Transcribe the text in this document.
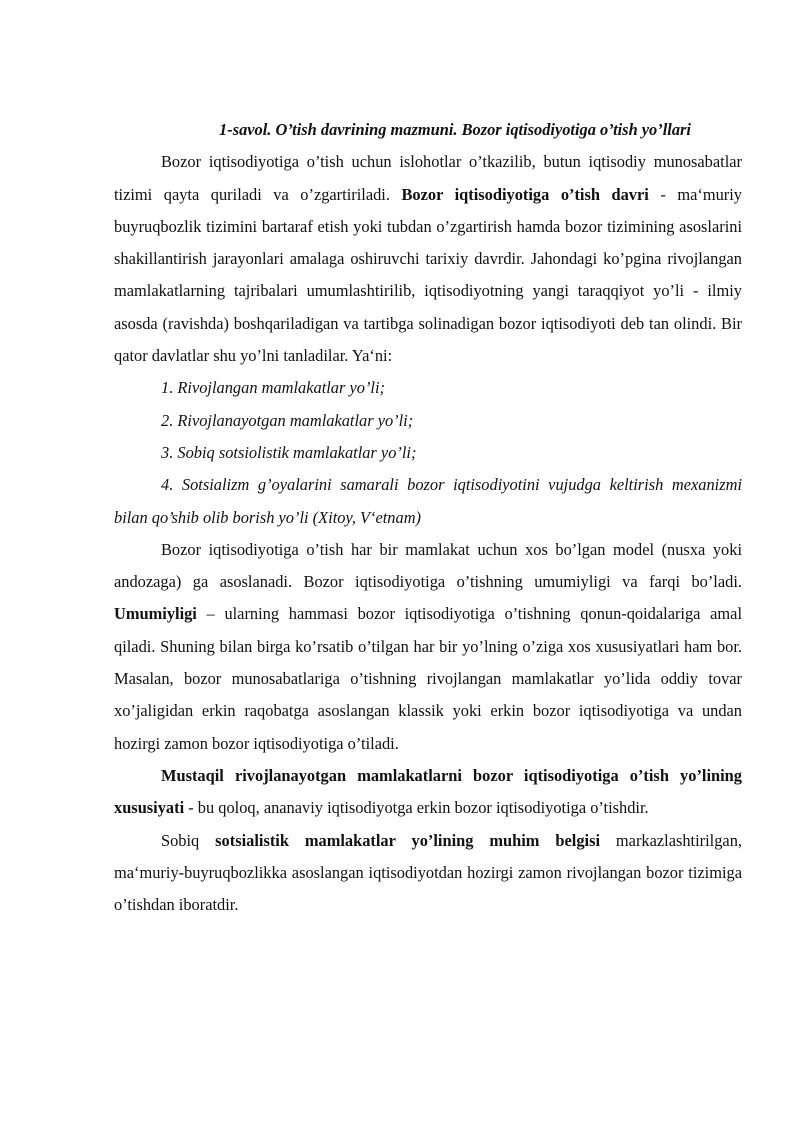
1-savol. O’tish davrining mazmuni. Bozor iqtisodiyotiga o’tish yo’llari

Bozor iqtisodiyotiga o’tish uchun islohotlar o’tkazilib, butun iqtisodiy munosabatlar tizimi qayta quriladi va o’zgartiriladi. Bozor iqtisodiyotiga o’tish davri - ma‘muriy buyruqbozlik tizimini bartaraf etish yoki tubdan o’zgartirish hamda bozor tizimining asoslarini shakillantirish jarayonlari amalaga oshiruvchi tarixiy davrdir. Jahondagi ko’pgina rivojlangan mamlakatlarning tajribalari umumlashtirilib, iqtisodiyotning yangi taraqqiyot yo’li - ilmiy asosda (ravishda) boshqariladigan va tartibga solinadigan bozor iqtisodiyoti deb tan olindi. Bir qator davlatlar shu yo’lni tanladilar. Ya‘ni:

1. Rivojlangan mamlakatlar yo’li;

2. Rivojlanayotgan mamlakatlar yo’li;

3. Sobiq sotsiolistik mamlakatlar yo’li;

4. Sotsializm g’oyalarini samarali bozor iqtisodiyotini vujudga keltirish mexanizmi bilan qo’shib olib borish yo’li (Xitoy, V‘etnam)

Bozor iqtisodiyotiga o’tish har bir mamlakat uchun xos bo’lgan model (nusxa yoki andozaga) ga asoslanadi. Bozor iqtisodiyotiga o’tishning umumiyligi va farqi bo’ladi. Umumiyligi – ularning hammasi bozor iqtisodiyotiga o’tishning qonun-qoidalariga amal qiladi. Shuning bilan birga ko’rsatib o’tilgan har bir yo’lning o’ziga xos xususiyatlari ham bor. Masalan, bozor munosabatlariga o’tishning rivojlangan mamlakatlar yo’lida oddiy tovar xo’jaligidan erkin raqobatga asoslangan klassik yoki erkin bozor iqtisodiyotiga va undan hozirgi zamon bozor iqtisodiyotiga o’tiladi.

Mustaqil rivojlanayotgan mamlakatlarni bozor iqtisodiyotiga o’tish yo’lining xususiyati - bu qoloq, ananaviy iqtisodiyotga erkin bozor iqtisodiyotiga o’tishdir.

Sobiq sotsialistik mamlakatlar yo’lining muhim belgisi markazlashtirilgan, ma‘muriy-buyruqbozlikka asoslangan iqtisodiyotdan hozirgi zamon rivojlangan bozor tizimiga o’tishdan iboratdir.
